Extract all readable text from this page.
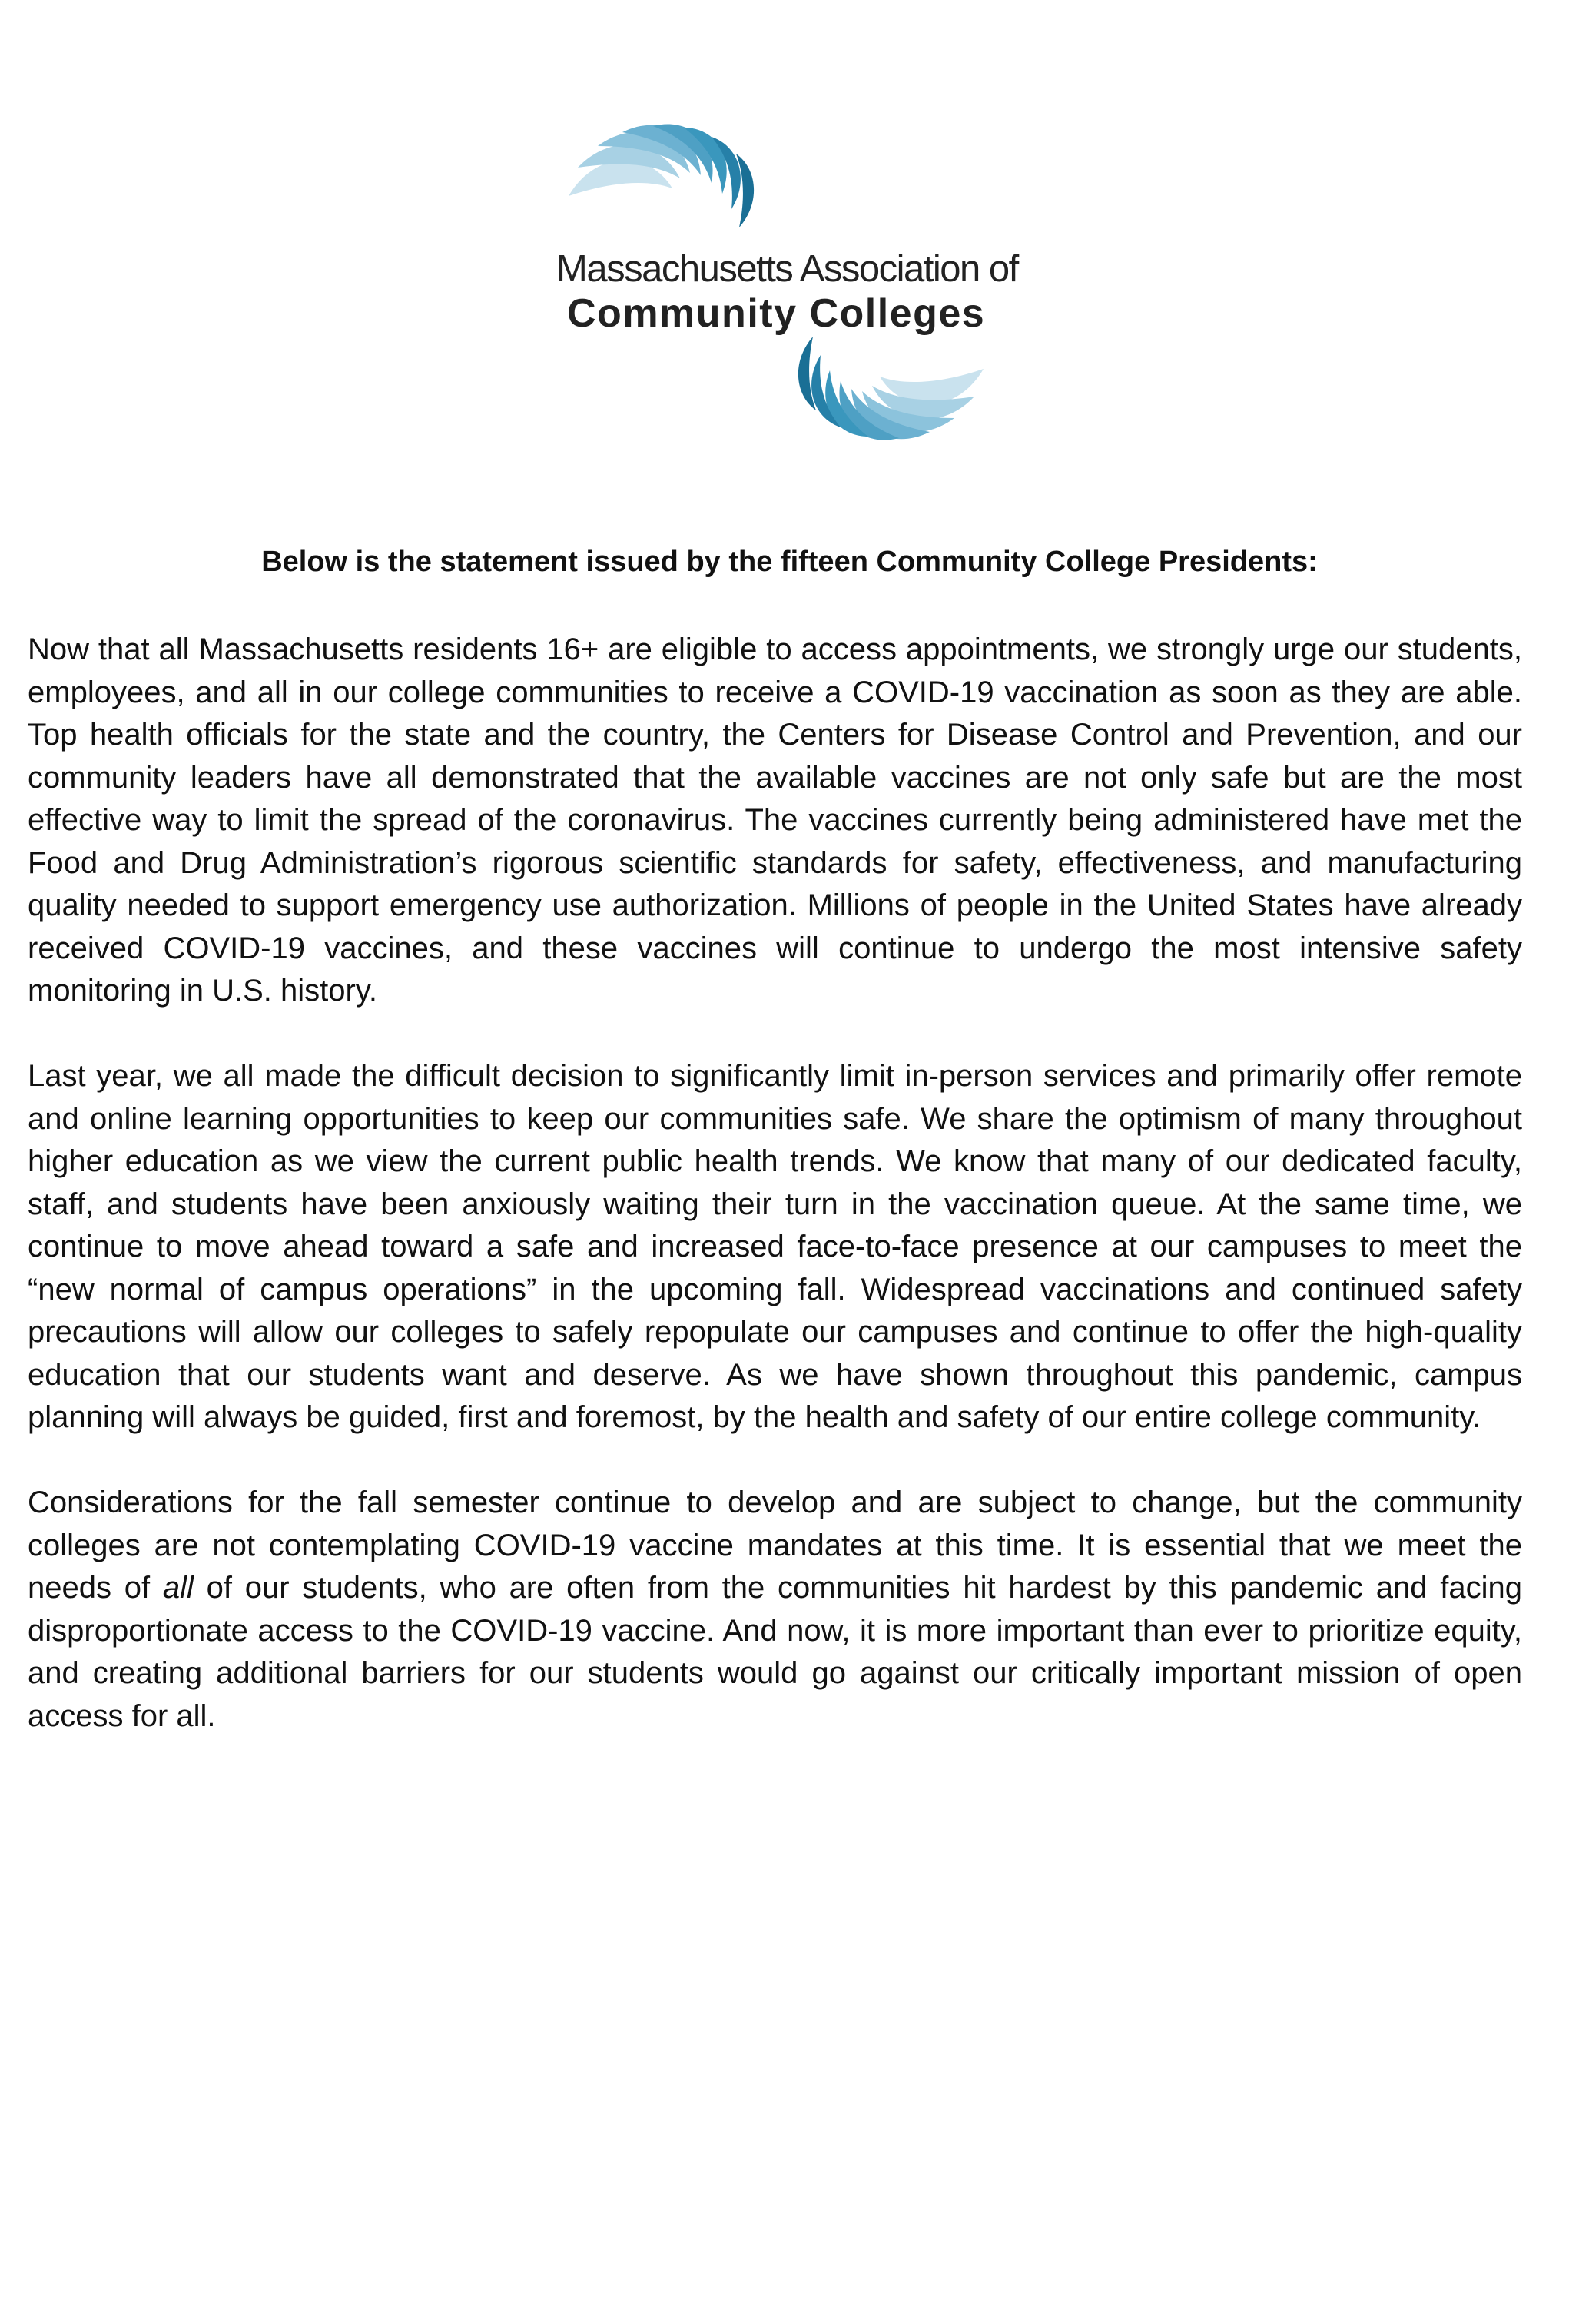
Massachusetts Association of
Community Colleges
Below is the statement issued by the fifteen Community College Presidents:

Now that all Massachusetts residents 16+ are eligible to access appointments, we strongly urge our students, employees, and all in our college communities to receive a COVID-19 vaccination as soon as they are able. Top health officials for the state and the country, the Centers for Disease Control and Prevention, and our community leaders have all demonstrated that the available vaccines are not only safe but are the most effective way to limit the spread of the coronavirus. The vaccines currently being administered have met the Food and Drug Administration’s rigorous scientific standards for safety, effectiveness, and manufacturing quality needed to support emergency use authorization. Millions of people in the United States have already received COVID-19 vaccines, and these vaccines will continue to undergo the most intensive safety monitoring in U.S. history.

Last year, we all made the difficult decision to significantly limit in-person services and primarily offer remote and online learning opportunities to keep our communities safe. We share the optimism of many throughout higher education as we view the current public health trends. We know that many of our dedicated faculty, staff, and students have been anxiously waiting their turn in the vaccination queue. At the same time, we continue to move ahead toward a safe and increased face-to-face presence at our campuses to meet the “new normal of campus operations” in the upcoming fall. Widespread vaccinations and continued safety precautions will allow our colleges to safely repopulate our campuses and continue to offer the high-quality education that our students want and deserve. As we have shown throughout this pandemic, campus planning will always be guided, first and foremost, by the health and safety of our entire college community.

Considerations for the fall semester continue to develop and are subject to change, but the community colleges are not contemplating COVID-19 vaccine mandates at this time. It is essential that we meet the needs of all of our students, who are often from the communities hit hardest by this pandemic and facing disproportionate access to the COVID-19 vaccine. And now, it is more important than ever to prioritize equity, and creating additional barriers for our students would go against our critically important mission of open access for all.
